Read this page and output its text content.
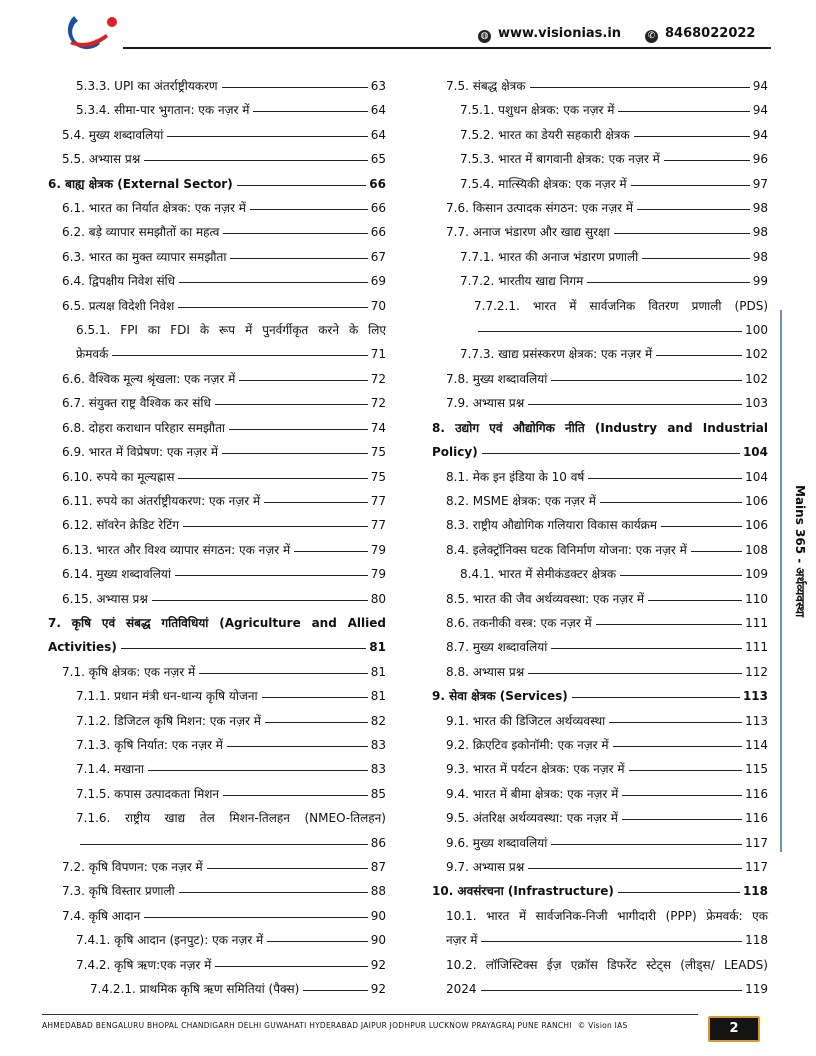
◍ www.visionias.in	✆ 8468022022
5.3.3. UPI का अंतर्राष्ट्रीयकरण	63
5.3.4. सीमा-पार भुगतान: एक नज़र में	64
5.4. मुख्य शब्दावलियां	64
5.5. अभ्यास प्रश्न	65
6. बाह्य क्षेत्रक (External Sector)	66
6.1. भारत का निर्यात क्षेत्रक: एक नज़र में	66
6.2. बड़े व्यापार समझौतों का महत्व	66
6.3. भारत का मुक्त व्यापार समझौता	67
6.4. द्विपक्षीय निवेश संधि	69
6.5. प्रत्यक्ष विदेशी निवेश	70
6.5.1. FPI का FDI के रूप में पुनर्वर्गीकृत करने के लिए
फ्रेमवर्क	71
6.6. वैश्विक मूल्य श्रृंखला: एक नज़र में	72
6.7. संयुक्त राष्ट्र वैश्विक कर संधि	72
6.8. दोहरा कराधान परिहार समझौता	74
6.9. भारत में विप्रेषण: एक नज़र में	75
6.10. रुपये का मूल्यह्रास	75
6.11. रुपये का अंतर्राष्ट्रीयकरण: एक नज़र में	77
6.12. सॉवरेन क्रेडिट रेटिंग	77
6.13. भारत और विश्व व्यापार संगठन: एक नज़र में	79
6.14. मुख्य शब्दावलियां	79
6.15. अभ्यास प्रश्न	80
7. कृषि एवं संबद्ध गतिविधियां (Agriculture and Allied
Activities)	81
7.1. कृषि क्षेत्रक: एक नज़र में	81
7.1.1. प्रधान मंत्री धन-धान्य कृषि योजना	81
7.1.2. डिजिटल कृषि मिशन: एक नज़र में	82
7.1.3. कृषि निर्यात: एक नज़र में	83
7.1.4. मखाना	83
7.1.5. कपास उत्पादकता मिशन	85
7.1.6. राष्ट्रीय खाद्य तेल मिशन-तिलहन (NMEO-तिलहन)
86
7.2. कृषि विपणन: एक नज़र में	87
7.3. कृषि विस्तार प्रणाली	88
7.4. कृषि आदान	90
7.4.1. कृषि आदान (इनपुट): एक नज़र में	90
7.4.2. कृषि ऋण:एक नज़र में	92
7.4.2.1. प्राथमिक कृषि ऋण समितियां (पैक्स)	92
7.5. संबद्ध क्षेत्रक	94
7.5.1. पशुधन क्षेत्रक: एक नज़र में	94
7.5.2. भारत का डेयरी सहकारी क्षेत्रक	94
7.5.3. भारत में बागवानी क्षेत्रक: एक नज़र में	96
7.5.4. मात्स्यिकी क्षेत्रक: एक नज़र में	97
7.6. किसान उत्पादक संगठन: एक नज़र में	98
7.7. अनाज भंडारण और खाद्य सुरक्षा	98
7.7.1. भारत की अनाज भंडारण प्रणाली	98
7.7.2. भारतीय खाद्य निगम	99
7.7.2.1. भारत में सार्वजनिक वितरण प्रणाली (PDS)
100
7.7.3. खाद्य प्रसंस्करण क्षेत्रक: एक नज़र में	102
7.8. मुख्य शब्दावलियां	102
7.9. अभ्यास प्रश्न	103
8. उद्योग एवं औद्योगिक नीति (Industry and Industrial
Policy)	104
8.1. मेक इन इंडिया के 10 वर्ष	104
8.2. MSME क्षेत्रक: एक नज़र में	106
8.3. राष्ट्रीय औद्योगिक गलियारा विकास कार्यक्रम	106
8.4. इलेक्ट्रॉनिक्स घटक विनिर्माण योजना: एक नज़र में	108
8.4.1. भारत में सेमीकंडक्टर क्षेत्रक	109
8.5. भारत की जैव अर्थव्यवस्था: एक नज़र में	110
8.6. तकनीकी वस्त्र: एक नज़र में	111
8.7. मुख्य शब्दावलियां	111
8.8. अभ्यास प्रश्न	112
9. सेवा क्षेत्रक (Services)	113
9.1. भारत की डिजिटल अर्थव्यवस्था	113
9.2. क्रिएटिव इकोनॉमी: एक नज़र में	114
9.3. भारत में पर्यटन क्षेत्रक: एक नज़र में	115
9.4. भारत में बीमा क्षेत्रक: एक नज़र में	116
9.5. अंतरिक्ष अर्थव्यवस्था: एक नज़र में	116
9.6. मुख्य शब्दावलियां	117
9.7. अभ्यास प्रश्न	117
10. अवसंरचना (Infrastructure)	118
10.1. भारत में सार्वजनिक-निजी भागीदारी (PPP) फ्रेमवर्क: एक
नज़र में	118
10.2. लॉजिस्टिक्स ईज़ एक्रॉस डिफरेंट स्टेट्स (लीड्स/ LEADS)
2024	119
Mains 365 - अर्थव्यवस्था
AHMEDABAD BENGALURU BHOPAL CHANDIGARH DELHI GUWAHATI HYDERABAD JAIPUR JODHPUR LUCKNOW PRAYAGRAJ PUNE RANCHI © Vision IAS	2
